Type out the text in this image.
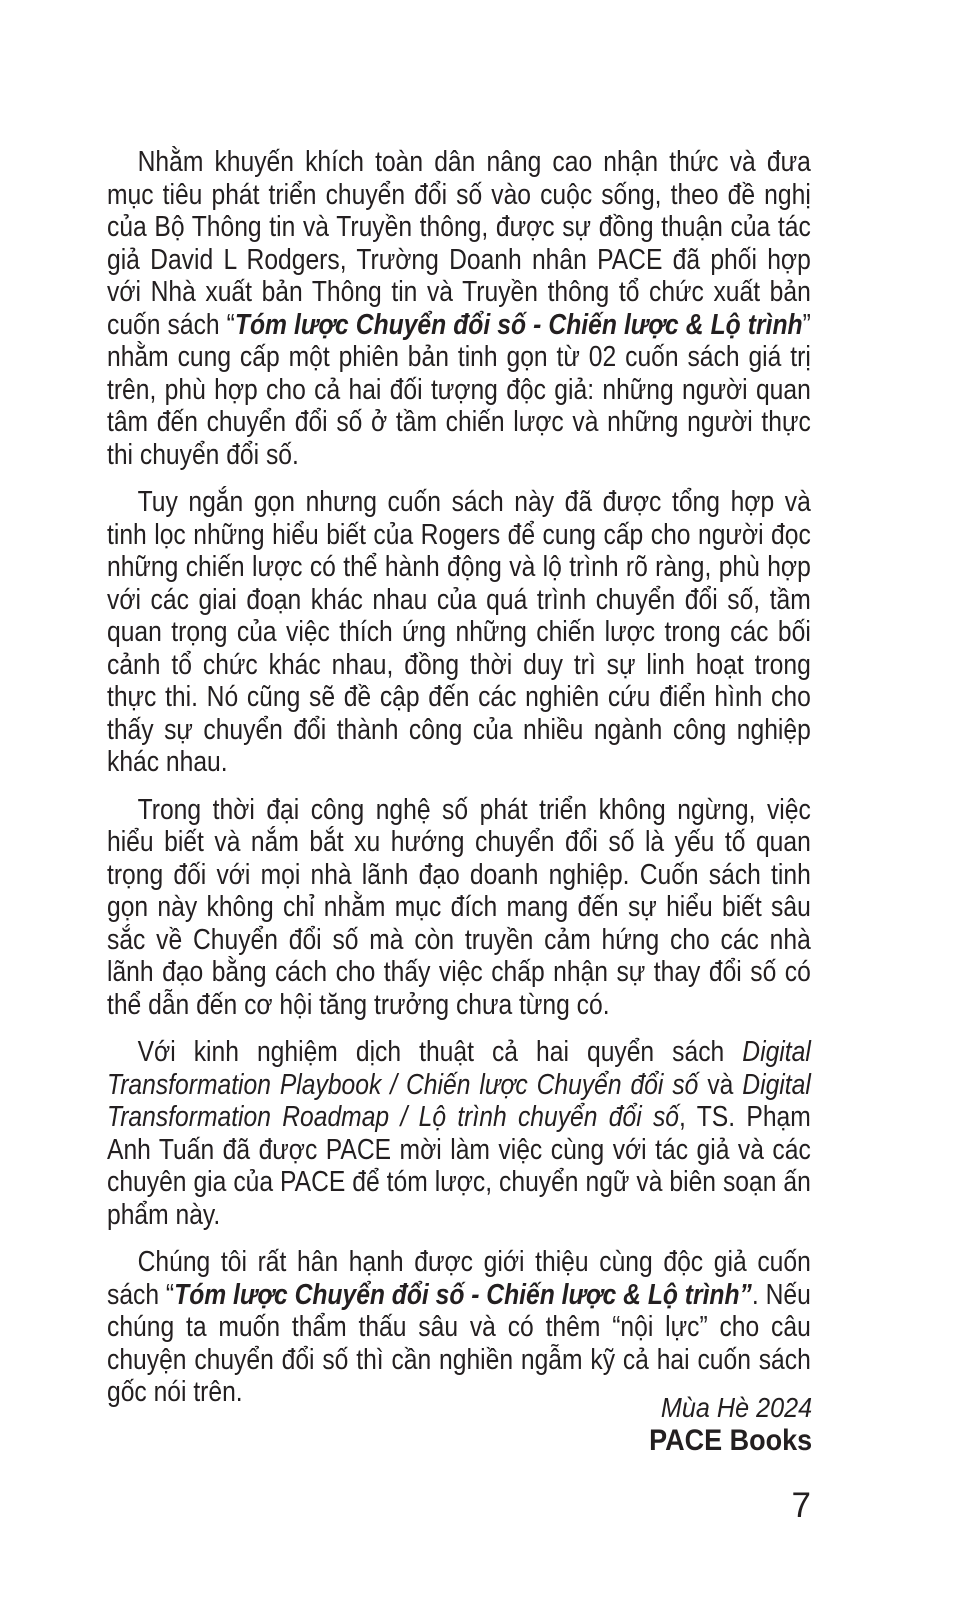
Nhằm khuyến khích toàn dân nâng cao nhận thức và đưa mục tiêu phát triển chuyển đổi số vào cuộc sống, theo đề nghị của Bộ Thông tin và Truyền thông, được sự đồng thuận của tác giả David L Rodgers, Trường Doanh nhân PACE đã phối hợp với Nhà xuất bản Thông tin và Truyền thông tổ chức xuất bản cuốn sách “Tóm lược Chuyển đổi số - Chiến lược & Lộ trình” nhằm cung cấp một phiên bản tinh gọn từ 02 cuốn sách giá trị trên, phù hợp cho cả hai đối tượng độc giả: những người quan tâm đến chuyển đổi số ở tầm chiến lược và những người thực thi chuyển đổi số.

Tuy ngắn gọn nhưng cuốn sách này đã được tổng hợp và tinh lọc những hiểu biết của Rogers để cung cấp cho người đọc những chiến lược có thể hành động và lộ trình rõ ràng, phù hợp với các giai đoạn khác nhau của quá trình chuyển đổi số, tầm quan trọng của việc thích ứng những chiến lược trong các bối cảnh tổ chức khác nhau, đồng thời duy trì sự linh hoạt trong thực thi. Nó cũng sẽ đề cập đến các nghiên cứu điển hình cho thấy sự chuyển đổi thành công của nhiều ngành công nghiệp khác nhau.

Trong thời đại công nghệ số phát triển không ngừng, việc hiểu biết và nắm bắt xu hướng chuyển đổi số là yếu tố quan trọng đối với mọi nhà lãnh đạo doanh nghiệp. Cuốn sách tinh gọn này không chỉ nhằm mục đích mang đến sự hiểu biết sâu sắc về Chuyển đổi số mà còn truyền cảm hứng cho các nhà lãnh đạo bằng cách cho thấy việc chấp nhận sự thay đổi số có thể dẫn đến cơ hội tăng trưởng chưa từng có.

Với kinh nghiệm dịch thuật cả hai quyển sách Digital Transformation Playbook / Chiến lược Chuyển đổi số và Digital Transformation Roadmap / Lộ trình chuyển đổi số, TS. Phạm Anh Tuấn đã được PACE mời làm việc cùng với tác giả và các chuyên gia của PACE để tóm lược, chuyển ngữ và biên soạn ấn phẩm này.

Chúng tôi rất hân hạnh được giới thiệu cùng độc giả cuốn sách “Tóm lược Chuyển đổi số - Chiến lược & Lộ trình”. Nếu chúng ta muốn thẩm thấu sâu và có thêm “nội lực” cho câu chuyện chuyển đổi số thì cần nghiền ngẫm kỹ cả hai cuốn sách gốc nói trên.	Mùa Hè 2024
PACE Books
7
